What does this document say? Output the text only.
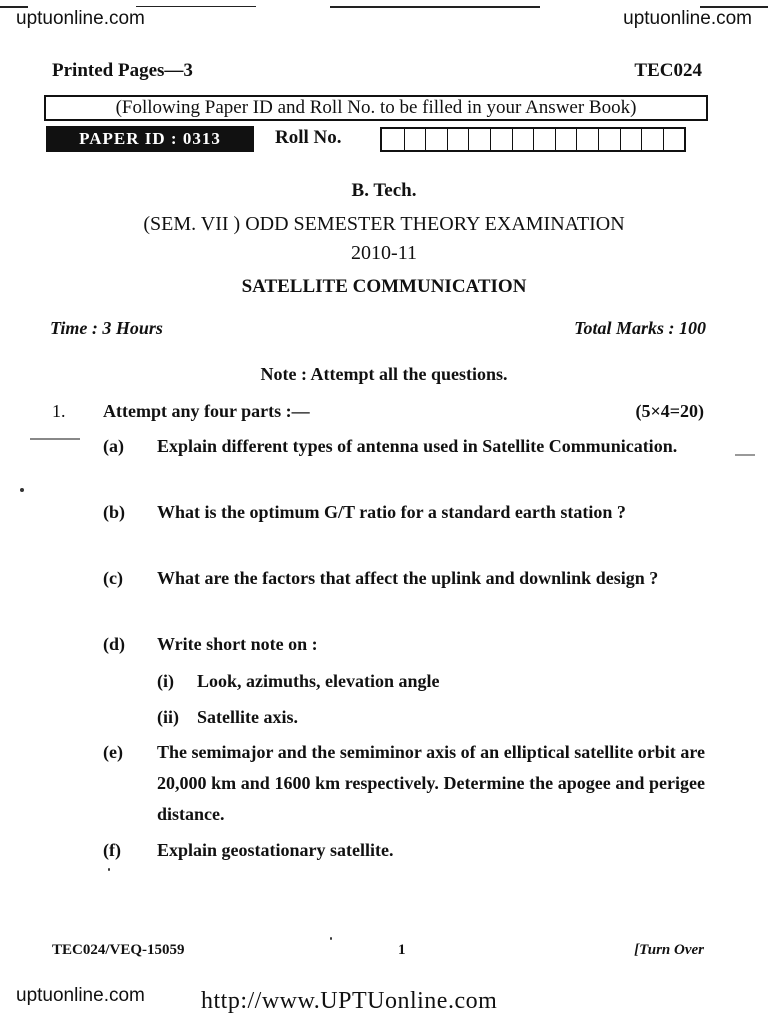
uptuonline.com	uptuonline.com
Printed Pages—3	TEC024
(Following Paper ID and Roll No. to be filled in your Answer Book)
PAPER ID : 0313	Roll No.
B. Tech.
(SEM. VII ) ODD SEMESTER THEORY EXAMINATION
2010-11
SATELLITE COMMUNICATION
Time : 3 Hours	Total Marks : 100
Note : Attempt all the questions.
1. Attempt any four parts :—	(5×4=20)
(a) Explain different types of antenna used in Satellite Communication.
(b) What is the optimum G/T ratio for a standard earth station ?
(c) What are the factors that affect the uplink and downlink design ?
(d) Write short note on :
(i) Look, azimuths, elevation angle
(ii) Satellite axis.
(e) The semimajor and the semiminor axis of an elliptical satellite orbit are 20,000 km and 1600 km respectively. Determine the apogee and perigee distance.
(f) Explain geostationary satellite.
TEC024/VEQ-15059	1	[Turn Over
uptuonline.com http://www.UPTUonline.com
